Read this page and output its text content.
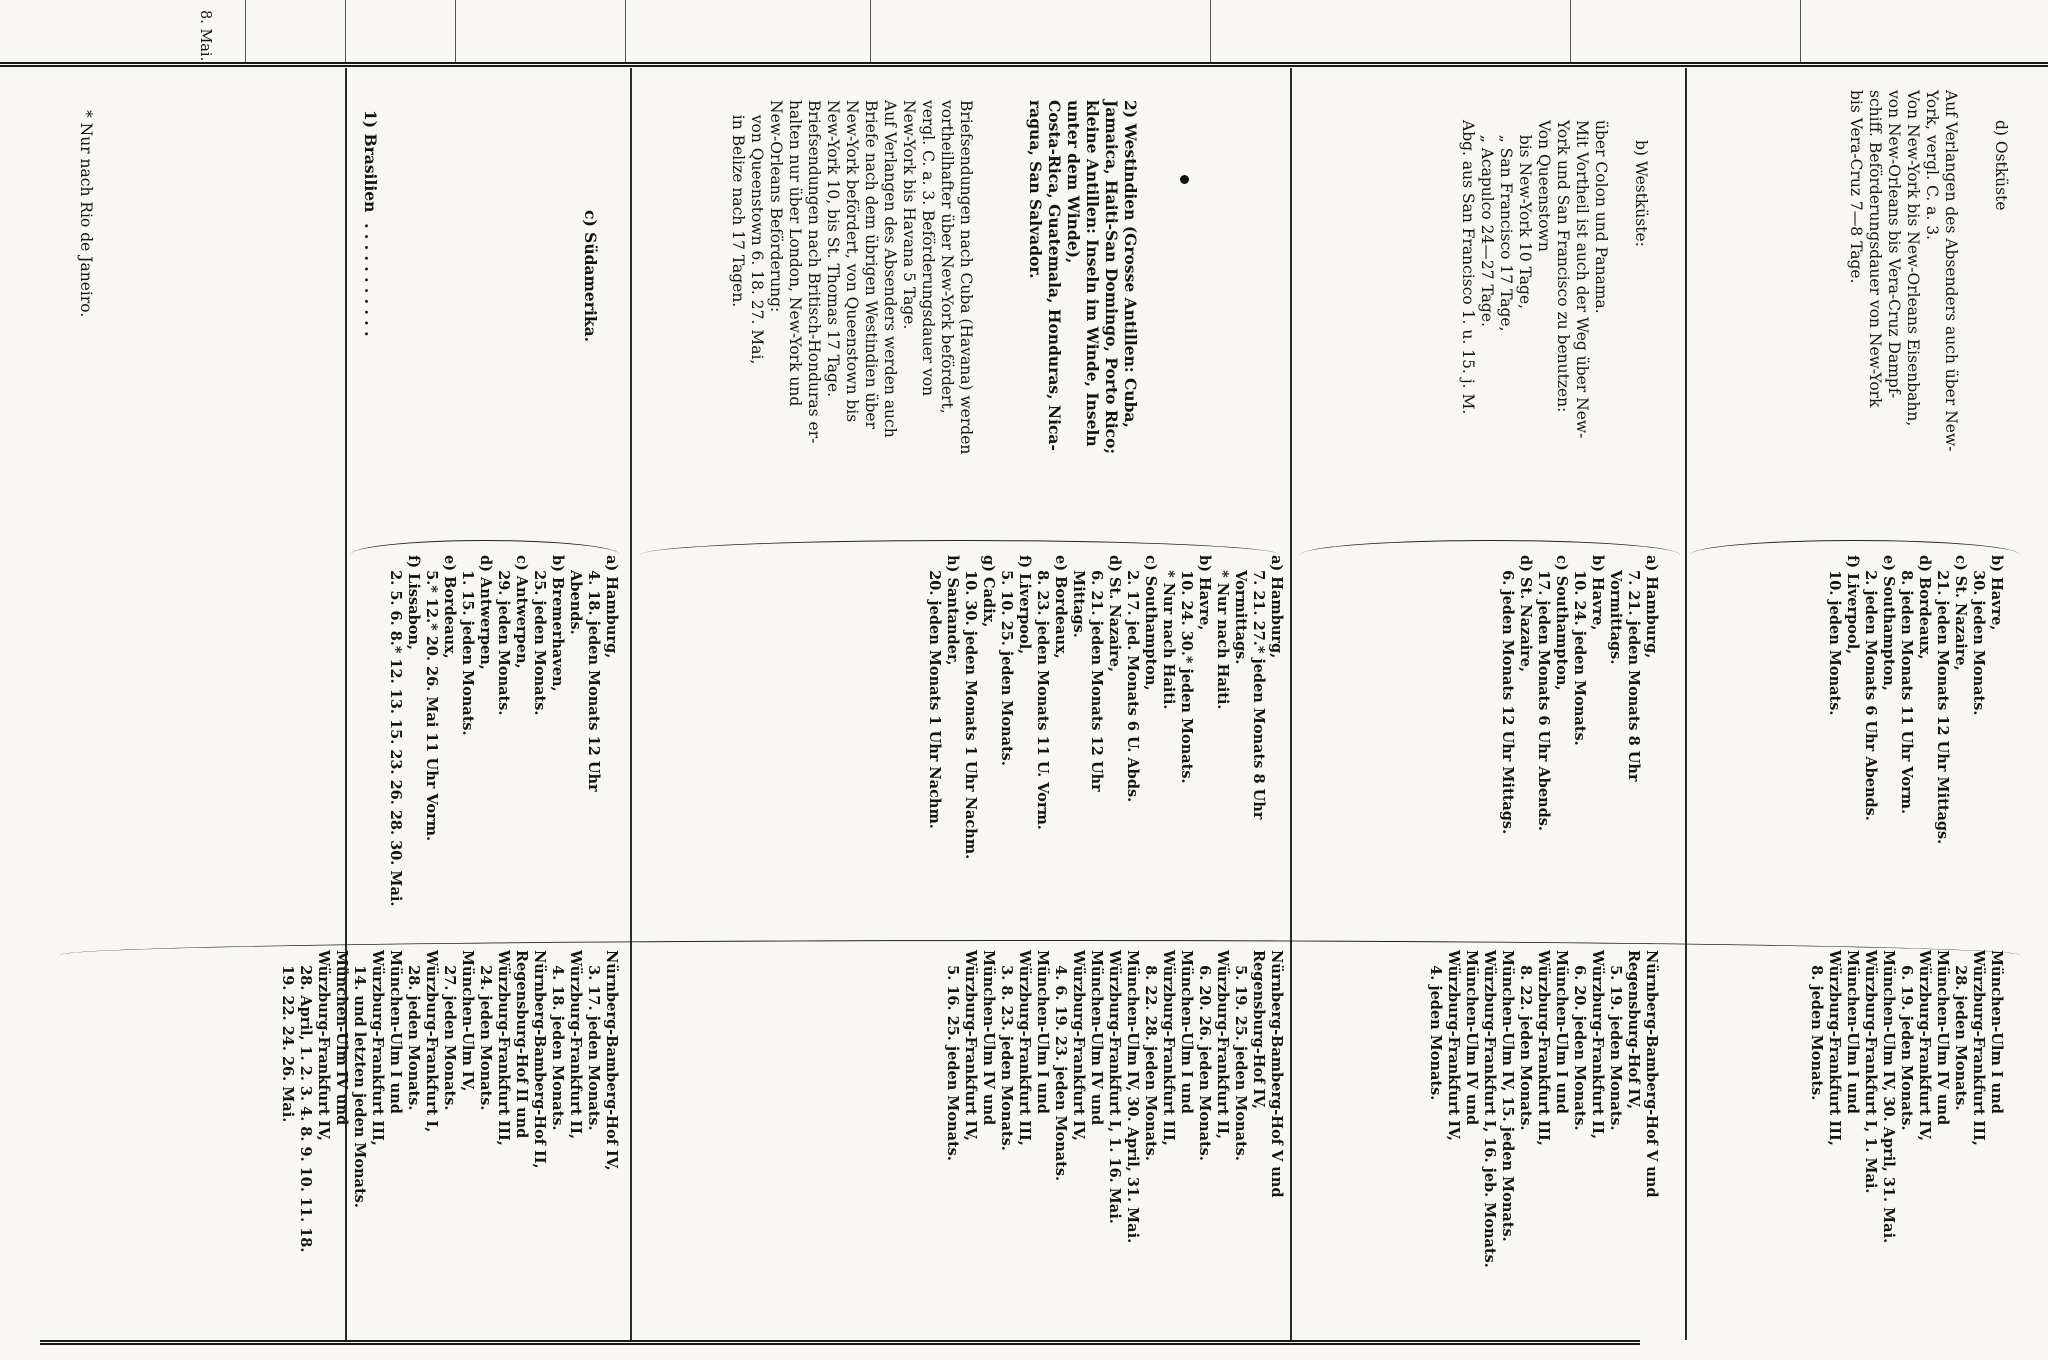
8. Mai.
d) Ostküste
Auf Verlangen des Absenders auch über New-
York, vergl. C. a. 3.
Von New-York bis New-Orleans Eisenbahn,
von New-Orleans bis Vera-Cruz Dampf-
schiff. Beförderungsdauer von New-York
bis Vera-Cruz 7—8 Tage.
b) Westküste:
über Colon und Panama.
Mit Vortheil ist auch der Weg über New-
York und San Francisco zu benutzen:
Von Queenstown
bis New-York 10 Tage,
„ San Francisco 17 Tage,
„ Acapulco 24—27 Tage.
Abg. aus San Francisco 1. u. 15. j. M.
b) Havre,
30. jeden Monats.
c) St. Nazaire,
21. jeden Monats 12 Uhr Mittags.
d) Bordeaux,
8. jeden Monats 11 Uhr Vorm.
e) Southampton,
2. jeden Monats 6 Uhr Abends.
f) Liverpool,
10. jeden Monats.
München-Ulm I und
Würzburg-Frankfurt III,
28. jeden Monats.
München-Ulm IV und
Würzburg-Frankfurt IV,
6. 19. jeden Monats.
München-Ulm IV, 30. April, 31. Mai.
Würzburg-Frankfurt I, 1. Mai.
München-Ulm I und
Würzburg-Frankfurt III,
8. jeden Monats.
a) Hamburg,
7. 21. jeden Monats 8 Uhr
Vormittags.
b) Havre,
10. 24. jeden Monats.
c) Southampton,
17. jeden Monats 6 Uhr Abends.
d) St. Nazaire,
6. jeden Monats 12 Uhr Mittags.
Nürnberg-Bamberg-Hof V und
Regensburg-Hof IV,
5. 19. jeden Monats.
Würzburg-Frankfurt II,
6. 20. jeden Monats.
München-Ulm I und
Würzburg-Frankfurt III,
8. 22. jeden Monats.
München-Ulm IV, 15. jeden Monats.
Würzburg-Frankfurt I, 16. jeb. Monats.
München-Ulm IV und
Würzburg-Frankfurt IV,
4. jeden Monats.
2) Westindien (Grosse Antillen: Cuba,
Jamaica, Haiti-San Domingo, Porto Rico;
kleine Antillen: Inseln im Winde, Inseln
unter dem Winde),
Costa-Rica, Guatemala, Honduras, Nica-
ragua, San Salvador.
Briefsendungen nach Cuba (Havana) werden
vortheilhafter über New-York befördert,
vergl. C. a. 3. Beförderungsdauer von
New-York bis Havana 5 Tage.
Auf Verlangen des Absenders werden auch
Briefe nach dem übrigen Westindien über
New-York befördert, von Queenstown bis
New-York 10, bis St. Thomas 17 Tage.
Briefsendungen nach Britisch-Honduras er-
halten nur über London, New-York und
New-Orleans Beförderung:
von Queenstown 6. 18. 27. Mai,
in Belize nach 17 Tagen.
a) Hamburg,
7. 21. 27.* jeden Monats 8 Uhr
Vormittags.
* Nur nach Haiti.
b) Havre,
10. 24. 30.* jeden Monats.
* Nur nach Haiti.
c) Southampton,
2. 17. jed. Monats 6 U. Abds.
d) St. Nazaire,
6. 21. jeden Monats 12 Uhr
Mittags.
e) Bordeaux,
8. 23. jeden Monats 11 U. Vorm.
f) Liverpool,
5. 10. 25. jeden Monats.
g) Cadix,
10. 30. jeden Monats 1 Uhr Nachm.
h) Santander,
20. jeden Monats 1 Uhr Nachm.
Nürnberg-Bamberg-Hof V und
Regensburg-Hof IV,
5. 19. 25. jeden Monats.
Würzburg-Frankfurt II,
6. 20. 26. jeden Monats.
München-Ulm I und
Würzburg-Frankfurt III,
8. 22. 28. jeden Monats.
München-Ulm IV, 30. April, 31. Mai.
Würzburg-Frankfurt I, 1. 16. Mai.
München-Ulm IV und
Würzburg-Frankfurt IV,
4. 6. 19. 23. jeden Monats.
München-Ulm I und
Würzburg-Frankfurt III,
3. 8. 23. jeden Monats.
München-Ulm IV und
Würzburg-Frankfurt IV,
5. 16. 25. jeden Monats.
c) Südamerika.
1) Brasilien  . . . . . . . . . . .
* Nur nach Rio de Janeiro.
a) Hamburg,
4. 18. jeden Monats 12 Uhr
Abends.
b) Bremerhaven,
25. jeden Monats.
c) Antwerpen,
29. jeden Monats.
d) Antwerpen,
1. 15. jeden Monats.
e) Bordeaux,
5.* 12.* 20. 26. Mai 11 Uhr Vorm.
f) Lissabon,
2. 5. 6. 8.* 12. 13. 15. 23. 26. 28. 30. Mai.
Nürnberg-Bamberg-Hof IV,
3. 17. jeden Monats.
Würzburg-Frankfurt II,
4. 18. jeden Monats.
Nürnberg-Bamberg-Hof II,
Regensburg-Hof II und
Würzburg-Frankfurt III,
24. jeden Monats.
München-Ulm IV,
27. jeden Monats.
Würzburg-Frankfurt I,
28. jeden Monats.
München-Ulm I und
Würzburg-Frankfurt III,
14. und letzten jeden Monats.
München-Ulm IV und
Würzburg-Frankfurt IV,
28. April, 1. 2. 3. 4. 8. 9. 10. 11. 18.
19. 22. 24. 26. Mai.
